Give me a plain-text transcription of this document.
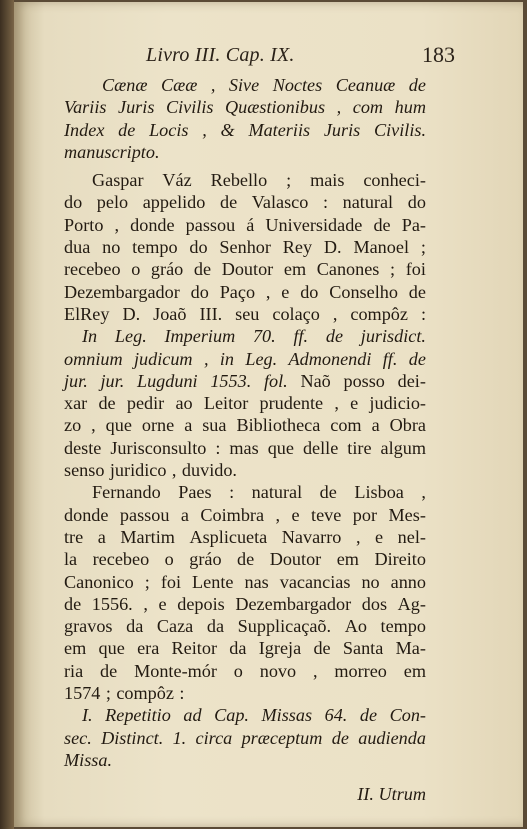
Livro III. Cap. IX.	183
Cænæ Cææ , Sive Noctes Ceanuæ de
Variis Juris Civilis Quæstionibus , com hum
Index de Locis , & Materiis Juris Civilis.
manuscripto.
Gaspar Váz Rebello ; mais conheci-
do pelo appelido de Valasco : natural do
Porto , donde passou á Universidade de Pa-
dua no tempo do Senhor Rey D. Manoel ;
recebeo o gráo de Doutor em Canones ; foi
Dezembargador do Paço , e do Conselho de
ElRey D. Joaõ III. seu colaço , compôz :
In Leg. Imperium 70. ff. de jurisdict.
omnium judicum , in Leg. Admonendi ff. de
jur. jur. Lugduni 1553. fol. Naõ posso dei-
xar de pedir ao Leitor prudente , e judicio-
zo , que orne a sua Bibliotheca com a Obra
deste Jurisconsulto : mas que delle tire algum
senso juridico , duvido.
Fernando Paes : natural de Lisboa ,
donde passou a Coimbra , e teve por Mes-
tre a Martim Asplicueta Navarro , e nel-
la recebeo o gráo de Doutor em Direito
Canonico ; foi Lente nas vacancias no anno
de 1556. , e depois Dezembargador dos Ag-
gravos da Caza da Supplicaçaõ. Ao tempo
em que era Reitor da Igreja de Santa Ma-
ria de Monte-mór o novo , morreo em
1574 ; compôz :
I. Repetitio ad Cap. Missas 64. de Con-
sec. Distinct. 1. circa præceptum de audienda
Missa.
II. Utrum
